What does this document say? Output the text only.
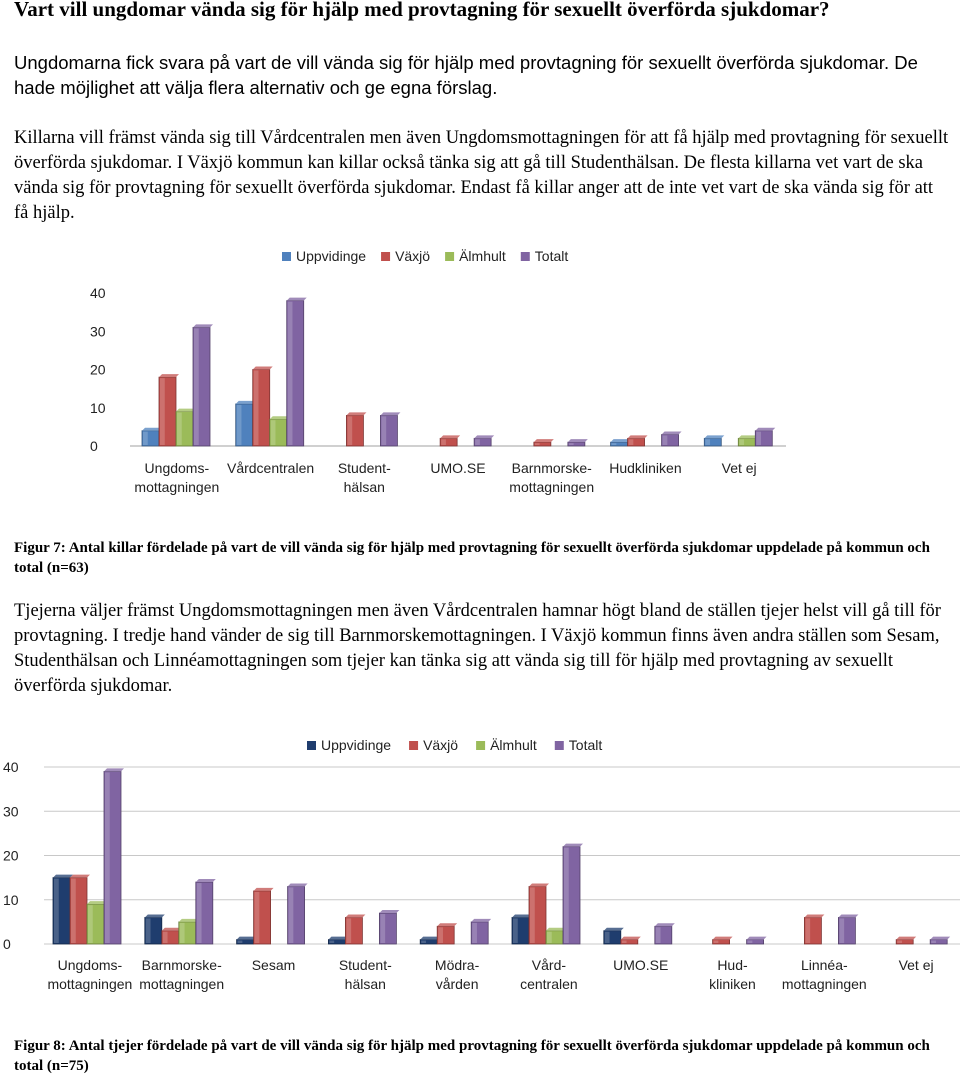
Vart vill ungdomar vända sig för hjälp med provtagning för sexuellt överförda sjukdomar?

Ungdomarna fick svara på vart de vill vända sig för hjälp med provtagning för sexuellt överförda sjukdomar. De hade möjlighet att välja flera alternativ och ge egna förslag.

Killarna vill främst vända sig till Vårdcentralen men även Ungdomsmottagningen för att få hjälp med provtagning för sexuellt överförda sjukdomar. I Växjö kommun kan killar också tänka sig att gå till Studenthälsan. De flesta killarna vet vart de ska vända sig för provtagning för sexuellt överförda sjukdomar. Endast få killar anger att de inte vet vart de ska vända sig för att få hjälp.

0
10
20
30
40
Uppvidinge Växjö Älmhult Totalt
Ungdoms-
mottagningen
Vårdcentralen Student-
hälsan
UMO.SE Barnmorske-
mottagningen
Hudkliniken	Vet ej

Figur 7: Antal killar fördelade på vart de vill vända sig för hjälp med provtagning för sexuellt överförda sjukdomar uppdelade på kommun och total (n=63)

Tjejerna väljer främst Ungdomsmottagningen men även Vårdcentralen hamnar högt bland de ställen tjejer helst vill gå till för provtagning. I tredje hand vänder de sig till Barnmorskemottagningen. I Växjö kommun finns även andra ställen som Sesam, Studenthälsan och Linnéamottagningen som tjejer kan tänka sig att vända sig till för hjälp med provtagning av sexuellt överförda sjukdomar.

0
10
20
30
40
Uppvidinge Växjö Älmhult Totalt
Ungdoms-
mottagningen
Barnmorske-
mottagningen
Sesam	Student-
hälsan
Mödra-
vården
Vård-
centralen
UMO.SE	Hud-
kliniken
Linnéa-
mottagningen
Vet ej

Figur 8: Antal tjejer fördelade på vart de vill vända sig för hjälp med provtagning för sexuellt överförda sjukdomar uppdelade på kommun och total (n=75)
